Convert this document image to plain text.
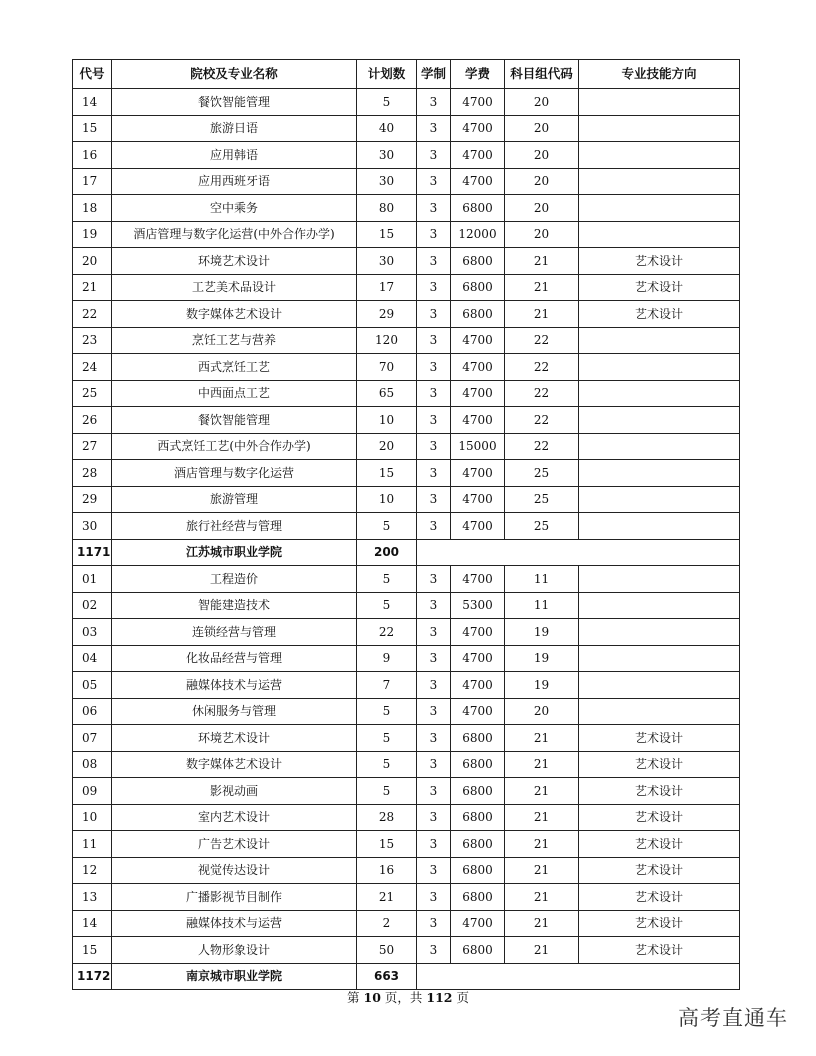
代号	院校及专业名称	计划数	学制	学费	科目组代码	专业技能方向
14	餐饮智能管理	5	3	4700	20	
15	旅游日语	40	3	4700	20	
16	应用韩语	30	3	4700	20	
17	应用西班牙语	30	3	4700	20	
18	空中乘务	80	3	6800	20	
19	酒店管理与数字化运营(中外合作办学)	15	3	12000	20	
20	环境艺术设计	30	3	6800	21	艺术设计
21	工艺美术品设计	17	3	6800	21	艺术设计
22	数字媒体艺术设计	29	3	6800	21	艺术设计
23	烹饪工艺与营养	120	3	4700	22	
24	西式烹饪工艺	70	3	4700	22	
25	中西面点工艺	65	3	4700	22	
26	餐饮智能管理	10	3	4700	22	
27	西式烹饪工艺(中外合作办学)	20	3	15000	22	
28	酒店管理与数字化运营	15	3	4700	25	
29	旅游管理	10	3	4700	25	
30	旅行社经营与管理	5	3	4700	25	
1171	江苏城市职业学院	200				
01	工程造价	5	3	4700	11	
02	智能建造技术	5	3	5300	11	
03	连锁经营与管理	22	3	4700	19	
04	化妆品经营与管理	9	3	4700	19	
05	融媒体技术与运营	7	3	4700	19	
06	休闲服务与管理	5	3	4700	20	
07	环境艺术设计	5	3	6800	21	艺术设计
08	数字媒体艺术设计	5	3	6800	21	艺术设计
09	影视动画	5	3	6800	21	艺术设计
10	室内艺术设计	28	3	6800	21	艺术设计
11	广告艺术设计	15	3	6800	21	艺术设计
12	视觉传达设计	16	3	6800	21	艺术设计
13	广播影视节目制作	21	3	6800	21	艺术设计
14	融媒体技术与运营	2	3	4700	21	艺术设计
15	人物形象设计	50	3	6800	21	艺术设计
1172	南京城市职业学院	663				
第 10 页，共 112 页
高考直通车
